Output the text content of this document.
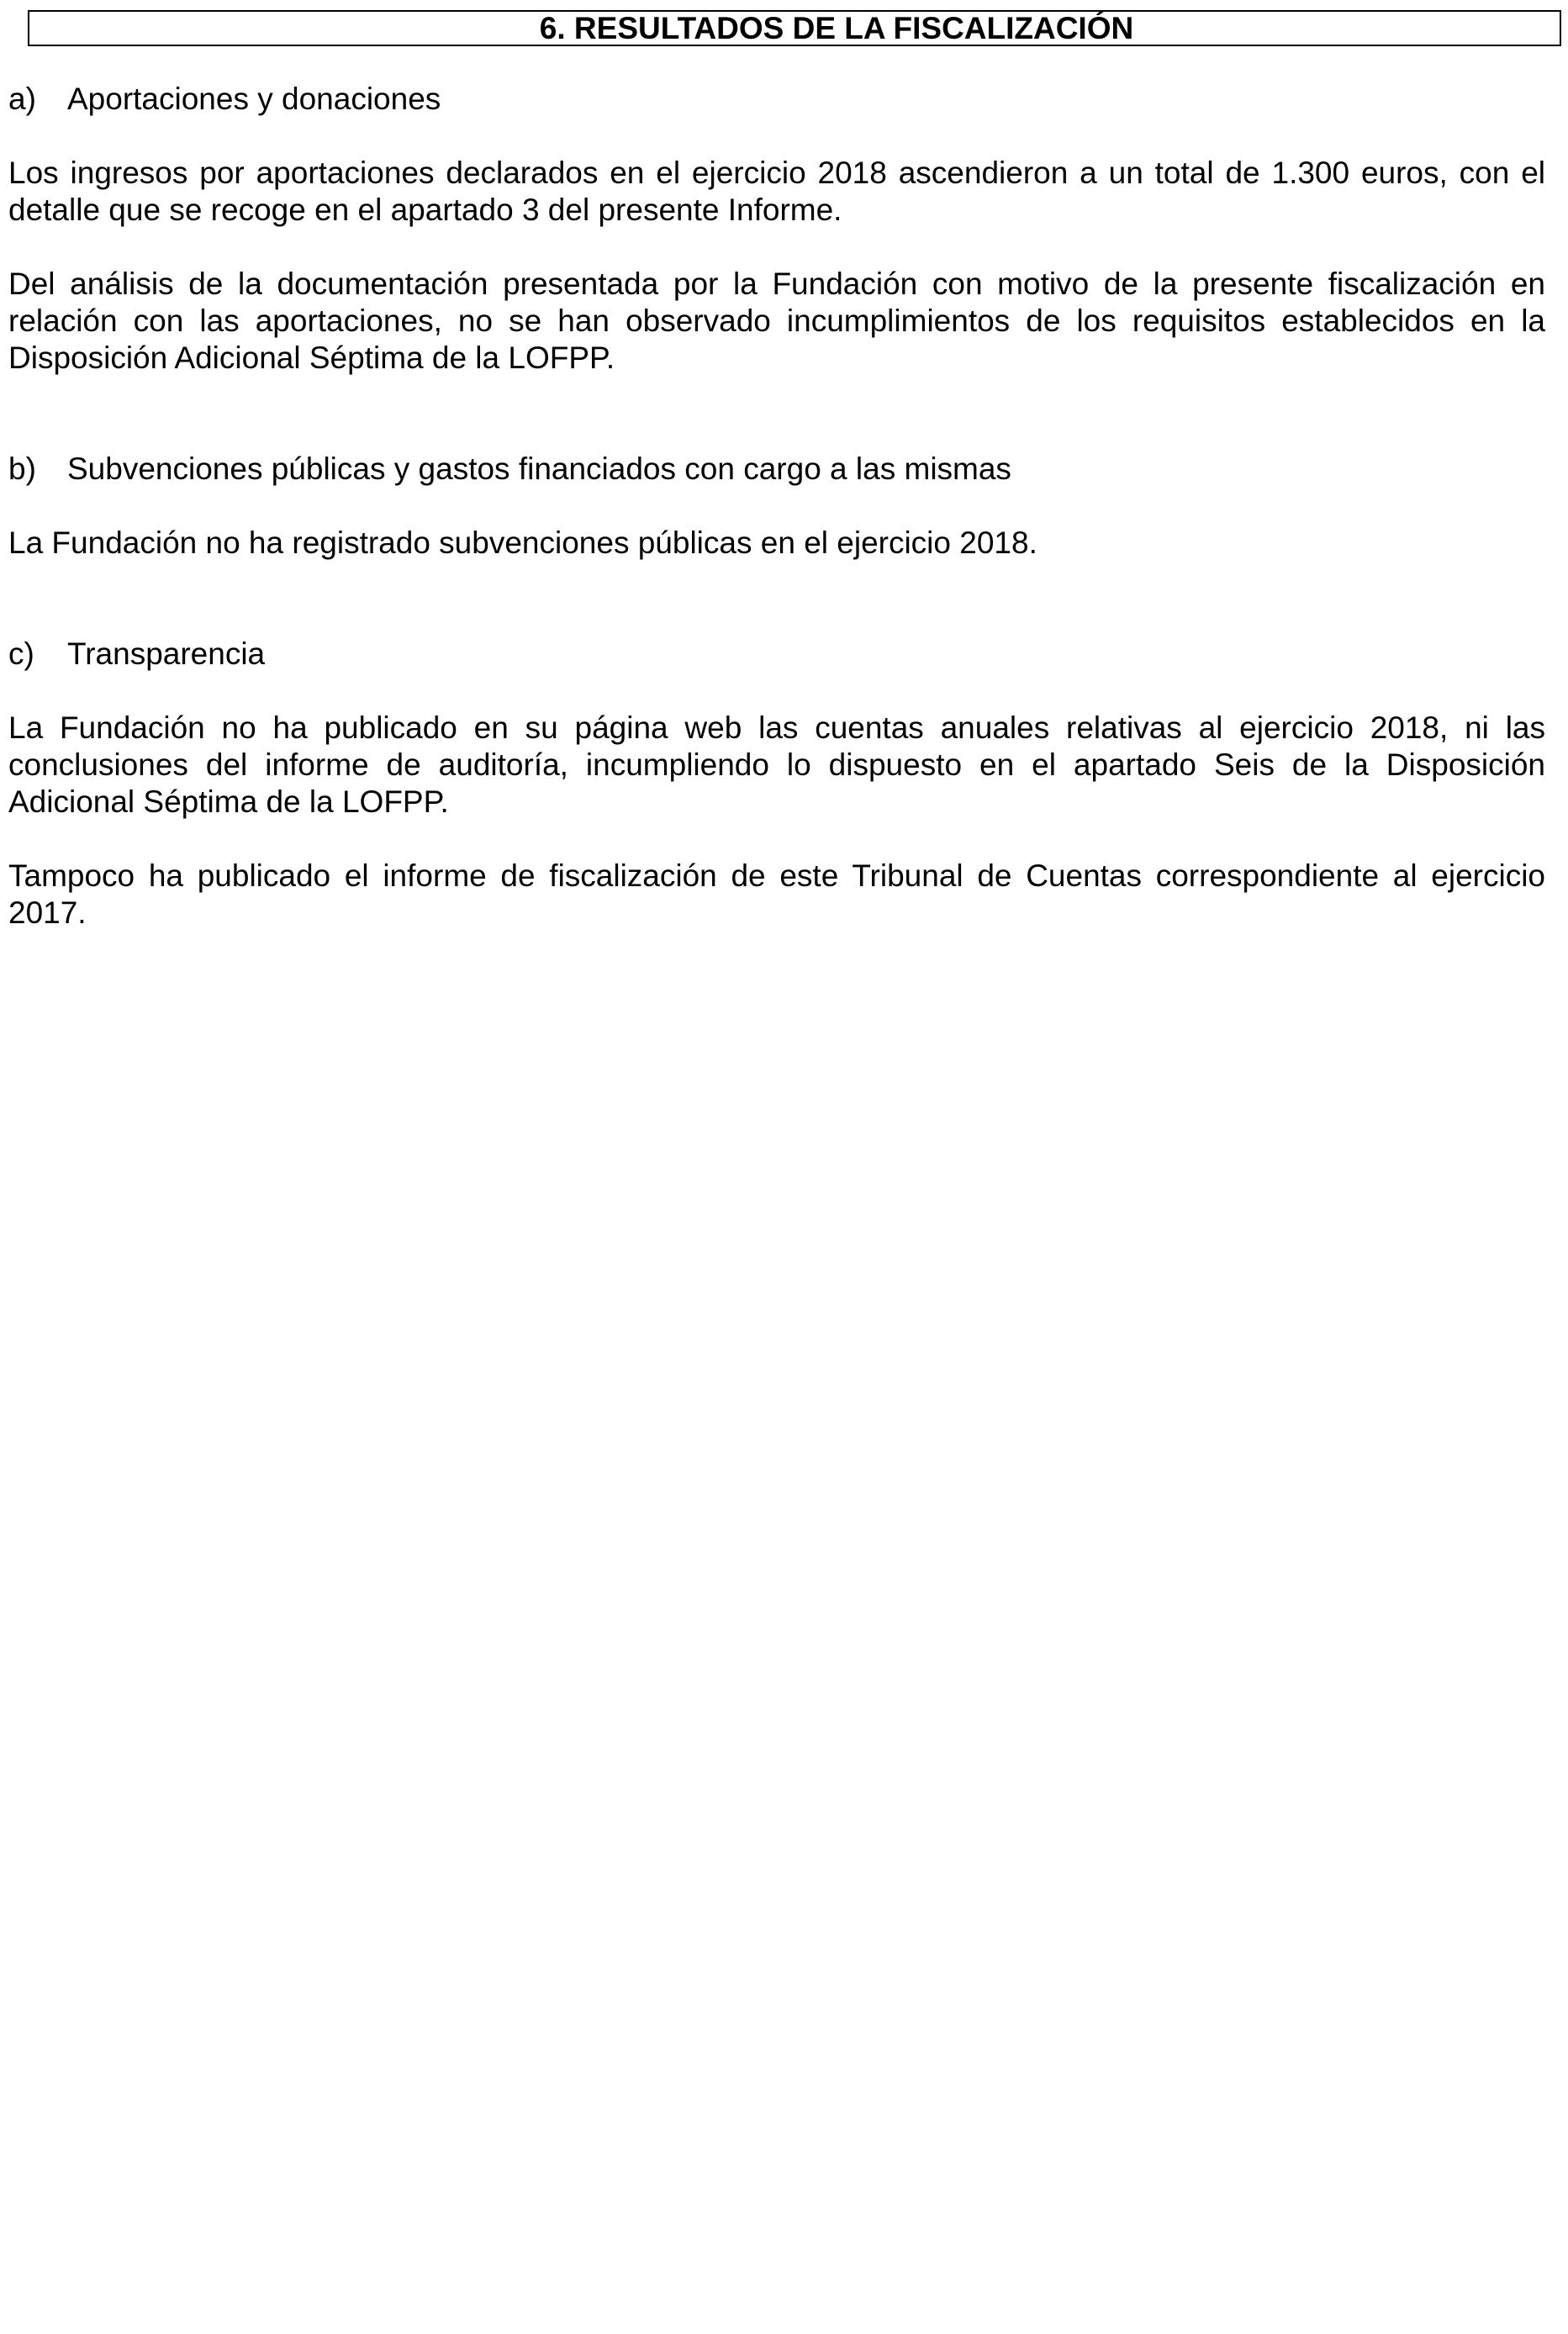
6. RESULTADOS DE LA FISCALIZACIÓN
a)	Aportaciones y donaciones

Los ingresos por aportaciones declarados en el ejercicio 2018 ascendieron a un total de 1.300 euros, con el detalle que se recoge en el apartado 3 del presente Informe.

Del análisis de la documentación presentada por la Fundación con motivo de la presente fiscalización en relación con las aportaciones, no se han observado incumplimientos de los requisitos establecidos en la Disposición Adicional Séptima de la LOFPP.

b)	Subvenciones públicas y gastos financiados con cargo a las mismas

La Fundación no ha registrado subvenciones públicas en el ejercicio 2018.

c)	Transparencia

La Fundación no ha publicado en su página web las cuentas anuales relativas al ejercicio 2018, ni las conclusiones del informe de auditoría, incumpliendo lo dispuesto en el apartado Seis de la Disposición Adicional Séptima de la LOFPP.

Tampoco ha publicado el informe de fiscalización de este Tribunal de Cuentas correspondiente al ejercicio 2017.
